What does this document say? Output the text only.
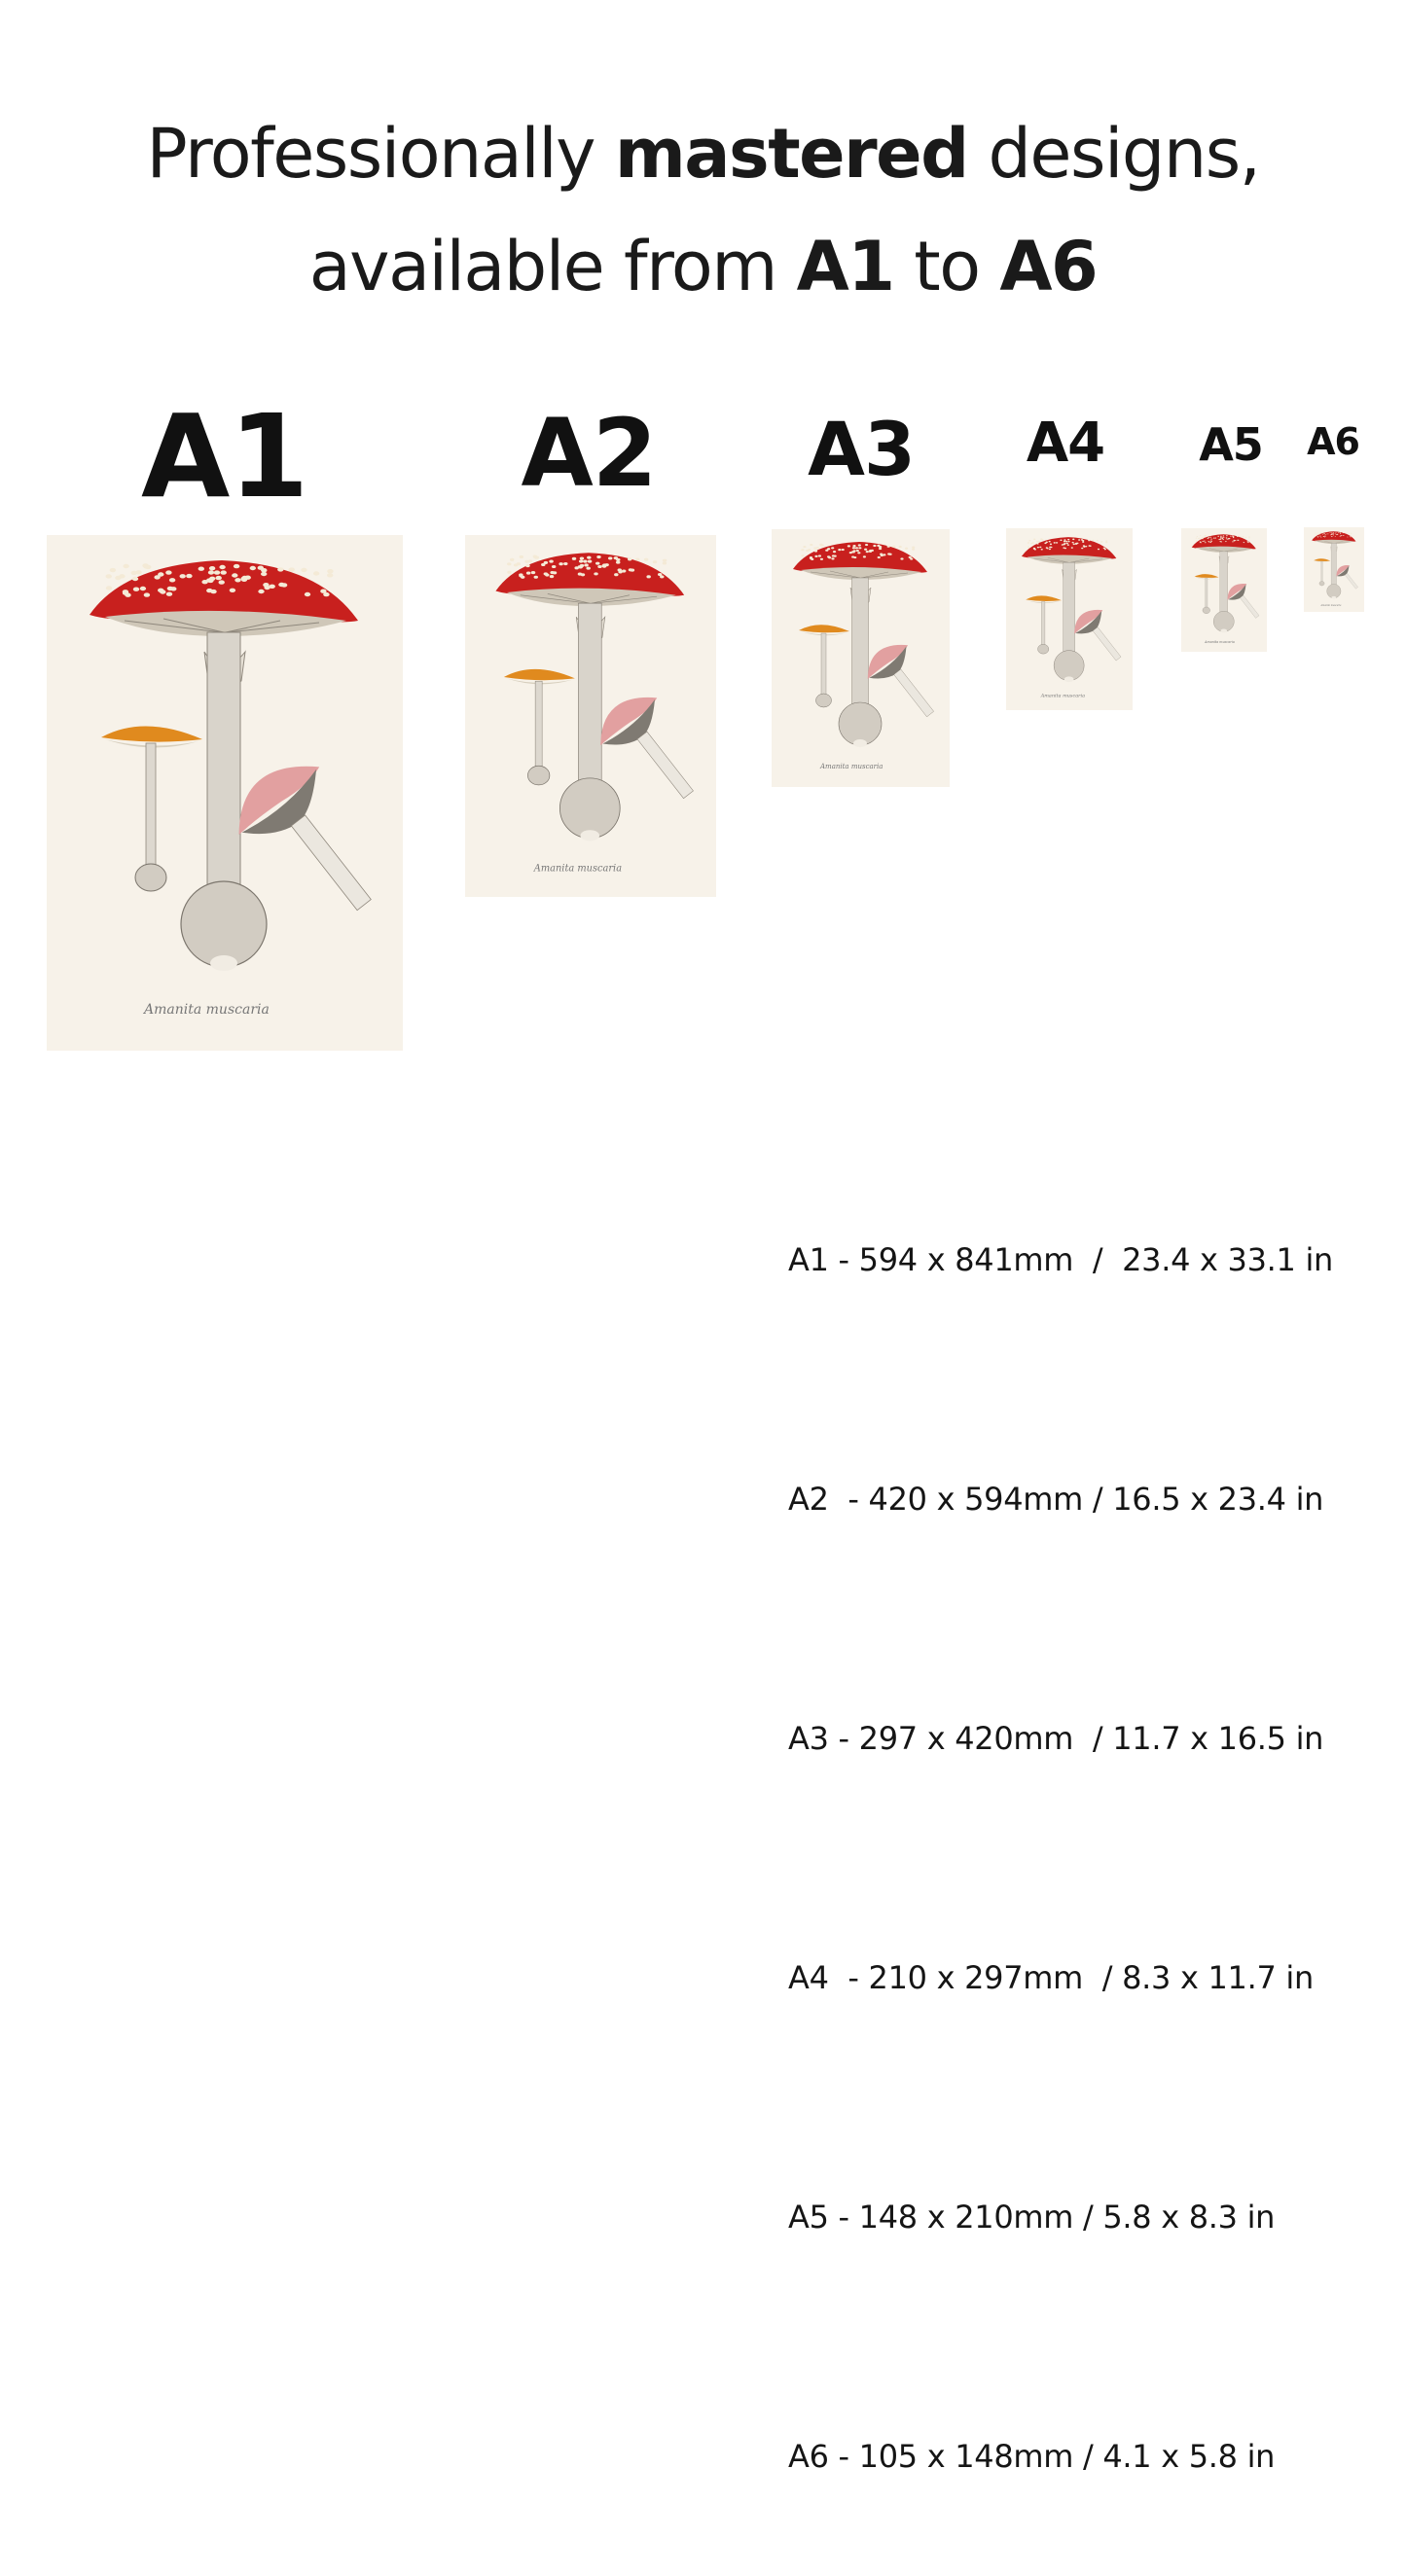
Professionally mastered designs,
available from A1 to A6
A1 A2 A3 A4 A5 A6
Amanita muscaria
Amanita muscaria
Amanita muscaria
Amanita muscaria
Amanita muscaria
Amanita muscaria

A1 - 594 x 841mm  /  23.4 x 33.1 in

A2  - 420 x 594mm / 16.5 x 23.4 in

A3 - 297 x 420mm  / 11.7 x 16.5 in

A4  - 210 x 297mm  / 8.3 x 11.7 in

A5 - 148 x 210mm / 5.8 x 8.3 in

A6 - 105 x 148mm / 4.1 x 5.8 in
